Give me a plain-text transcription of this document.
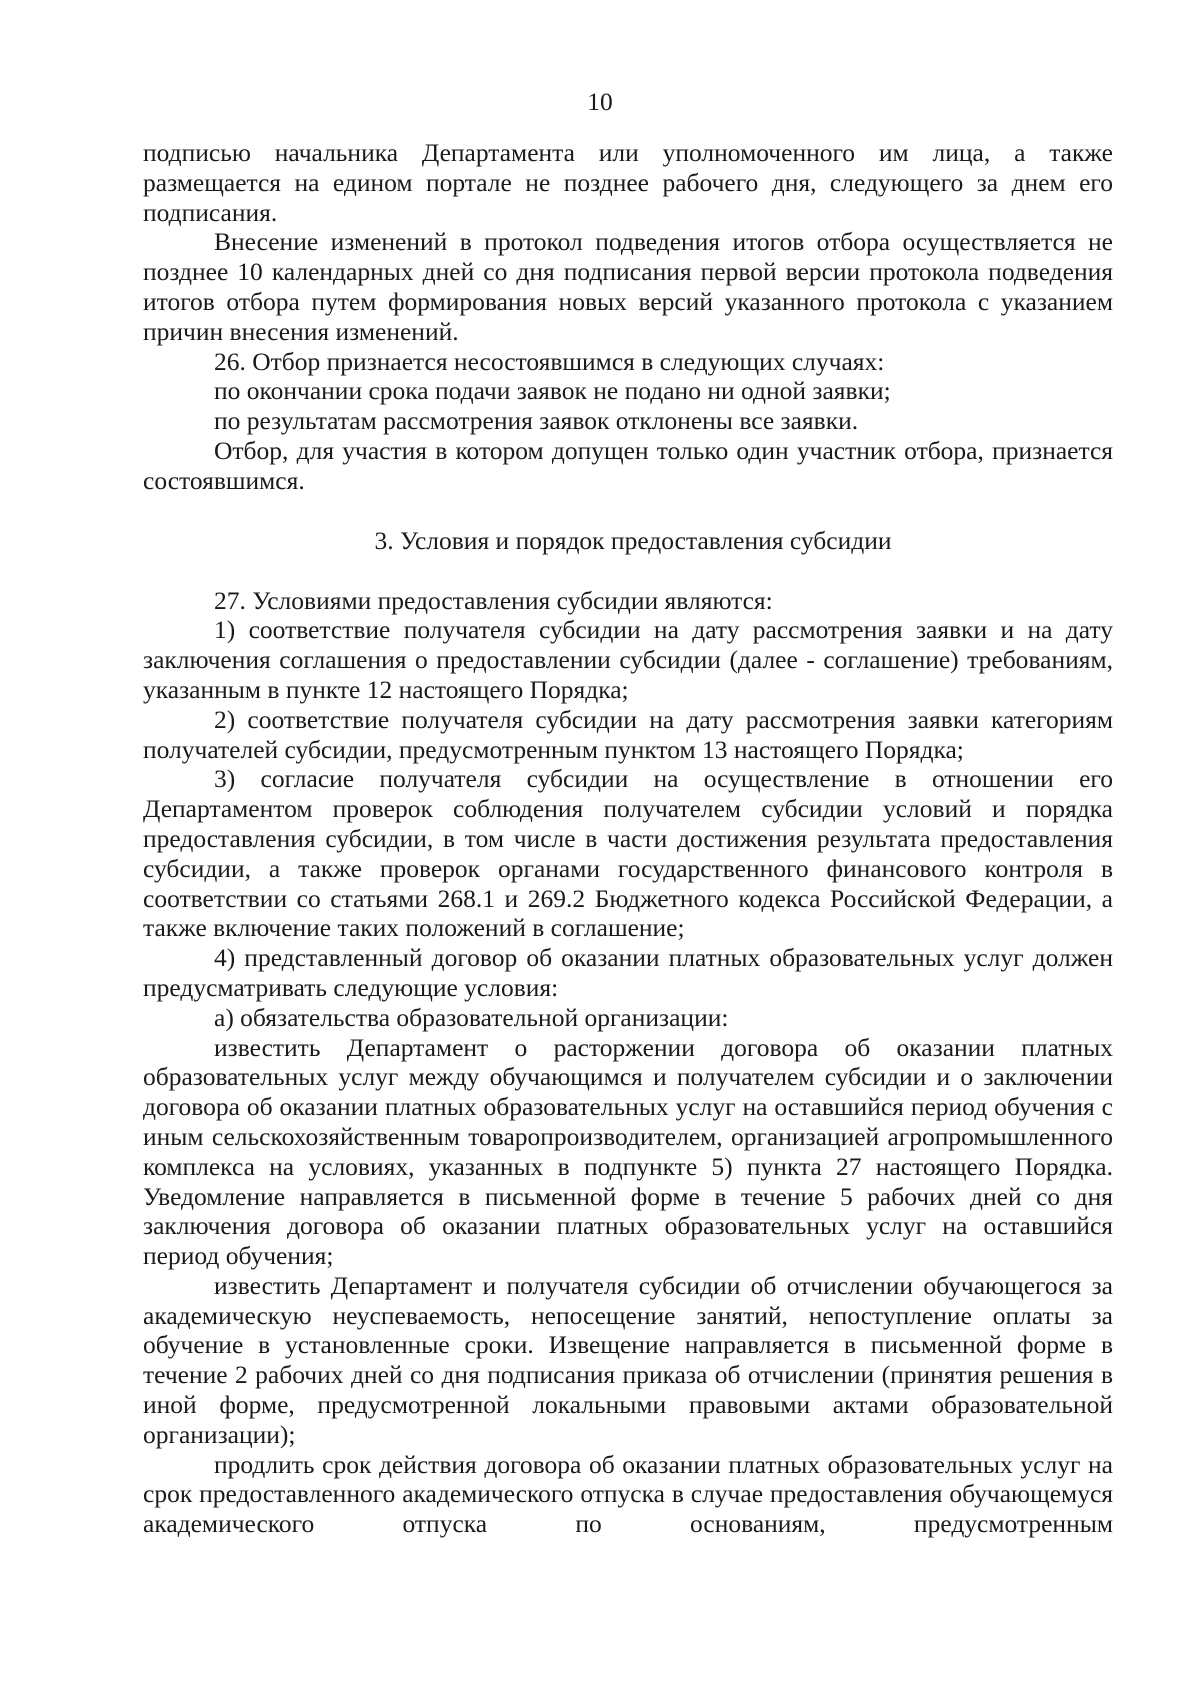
10

подписью начальника Департамента или уполномоченного им лица, а также размещается на едином портале не позднее рабочего дня, следующего за днем его подписания.

Внесение изменений в протокол подведения итогов отбора осуществляется не позднее 10 календарных дней со дня подписания первой версии протокола подведения итогов отбора путем формирования новых версий указанного протокола с указанием причин внесения изменений.

26. Отбор признается несостоявшимся в следующих случаях:

по окончании срока подачи заявок не подано ни одной заявки;

по результатам рассмотрения заявок отклонены все заявки.

Отбор, для участия в котором допущен только один участник отбора, признается состоявшимся.

3. Условия и порядок предоставления субсидии

27. Условиями предоставления субсидии являются:

1) соответствие получателя субсидии на дату рассмотрения заявки и на дату заключения соглашения о предоставлении субсидии (далее - соглашение) требованиям, указанным в пункте 12 настоящего Порядка;

2) соответствие получателя субсидии на дату рассмотрения заявки категориям получателей субсидии, предусмотренным пунктом 13 настоящего Порядка;

3) согласие получателя субсидии на осуществление в отношении его Департаментом проверок соблюдения получателем субсидии условий и порядка предоставления субсидии, в том числе в части достижения результата предоставления субсидии, а также проверок органами государственного финансового контроля в соответствии со статьями 268.1 и 269.2 Бюджетного кодекса Российской Федерации, а также включение таких положений в соглашение;

4) представленный договор об оказании платных образовательных услуг должен предусматривать следующие условия:

а) обязательства образовательной организации:

известить Департамент о расторжении договора об оказании платных образовательных услуг между обучающимся и получателем субсидии и о заключении договора об оказании платных образовательных услуг на оставшийся период обучения с иным сельскохозяйственным товаропроизводителем, организацией агропромышленного комплекса на условиях, указанных в подпункте 5) пункта 27 настоящего Порядка. Уведомление направляется в письменной форме в течение 5 рабочих дней со дня заключения договора об оказании платных образовательных услуг на оставшийся период обучения;

известить Департамент и получателя субсидии об отчислении обучающегося за академическую неуспеваемость, непосещение занятий, непоступление оплаты за обучение в установленные сроки. Извещение направляется в письменной форме в течение 2 рабочих дней со дня подписания приказа об отчислении (принятия решения в иной форме, предусмотренной локальными правовыми актами образовательной организации);

продлить срок действия договора об оказании платных образовательных услуг на срок предоставленного академического отпуска в случае предоставления обучающемуся академического отпуска по основаниям, предусмотренным
